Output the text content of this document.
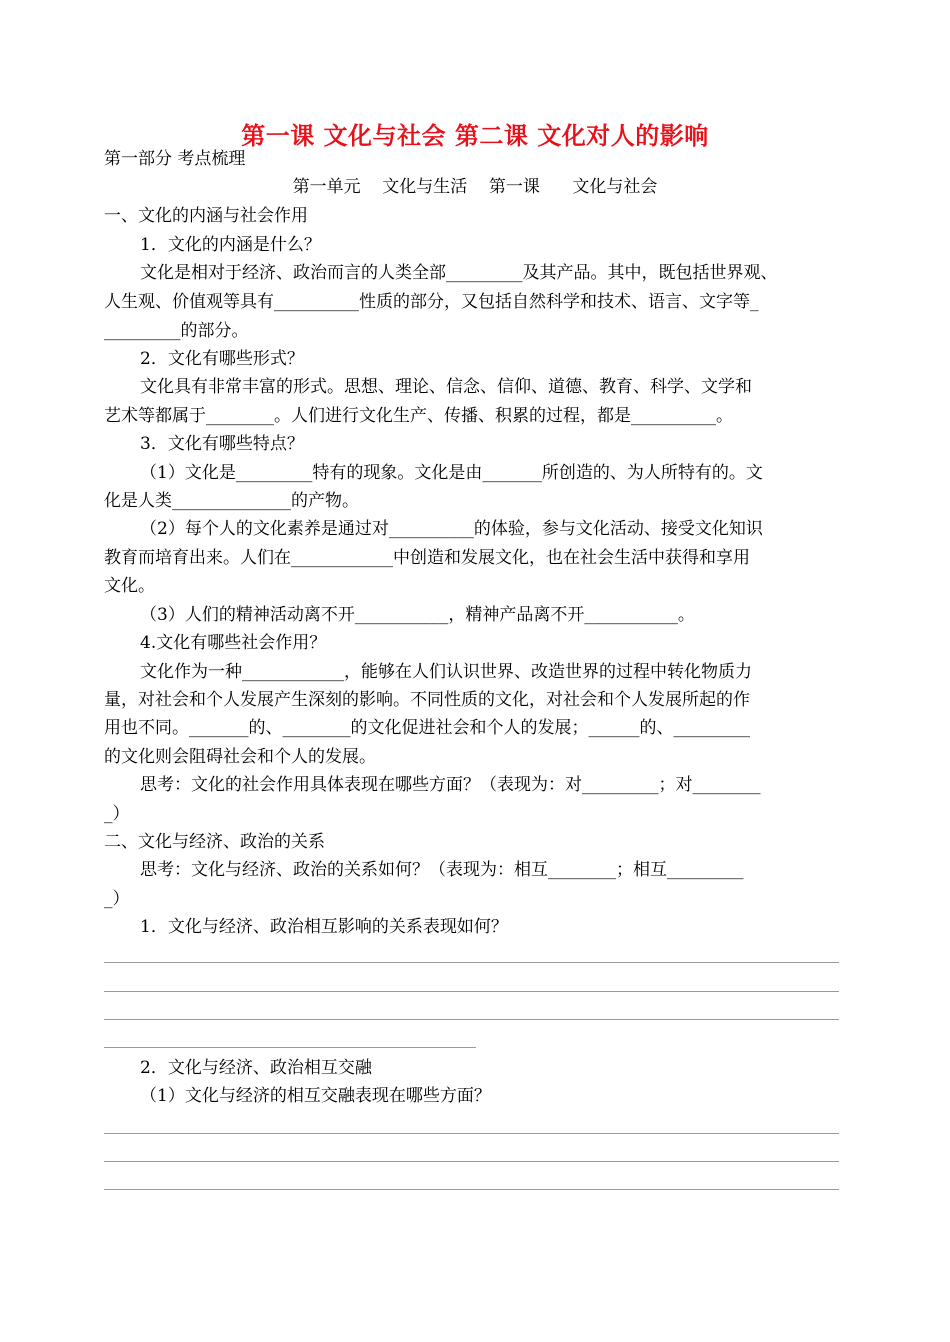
第一课 文化与社会 第二课 文化对人的影响

第一部分 考点梳理

第一单元    文化与生活    第一课      文化与社会

一、文化的内涵与社会作用

1．文化的内涵是什么？

文化是相对于经济、政治而言的人类全部_________及其产品。其中，既包括世界观、

人生观、价值观等具有__________性质的部分，又包括自然科学和技术、语言、文字等_

_________的部分。

2．文化有哪些形式？

文化具有非常丰富的形式。思想、理论、信念、信仰、道德、教育、科学、文学和

艺术等都属于________。人们进行文化生产、传播、积累的过程，都是__________。

3．文化有哪些特点？

（1）文化是_________特有的现象。文化是由_______所创造的、为人所特有的。文

化是人类______________的产物。

（2）每个人的文化素养是通过对__________的体验，参与文化活动、接受文化知识

教育而培育出来。人们在____________中创造和发展文化，也在社会生活中获得和享用

文化。

（3）人们的精神活动离不开___________，精神产品离不开___________。

4.文化有哪些社会作用？

文化作为一种____________，能够在人们认识世界、改造世界的过程中转化物质力

量，对社会和个人发展产生深刻的影响。不同性质的文化，对社会和个人发展所起的作

用也不同。_______的、________的文化促进社会和个人的发展；______的、_________

的文化则会阻碍社会和个人的发展。

思考：文化的社会作用具体表现在哪些方面？（表现为：对_________；对________

_）

二、文化与经济、政治的关系

思考：文化与经济、政治的关系如何？（表现为：相互________；相互_________

_）

1．文化与经济、政治相互影响的关系表现如何？

2．文化与经济、政治相互交融

（1）文化与经济的相互交融表现在哪些方面？
